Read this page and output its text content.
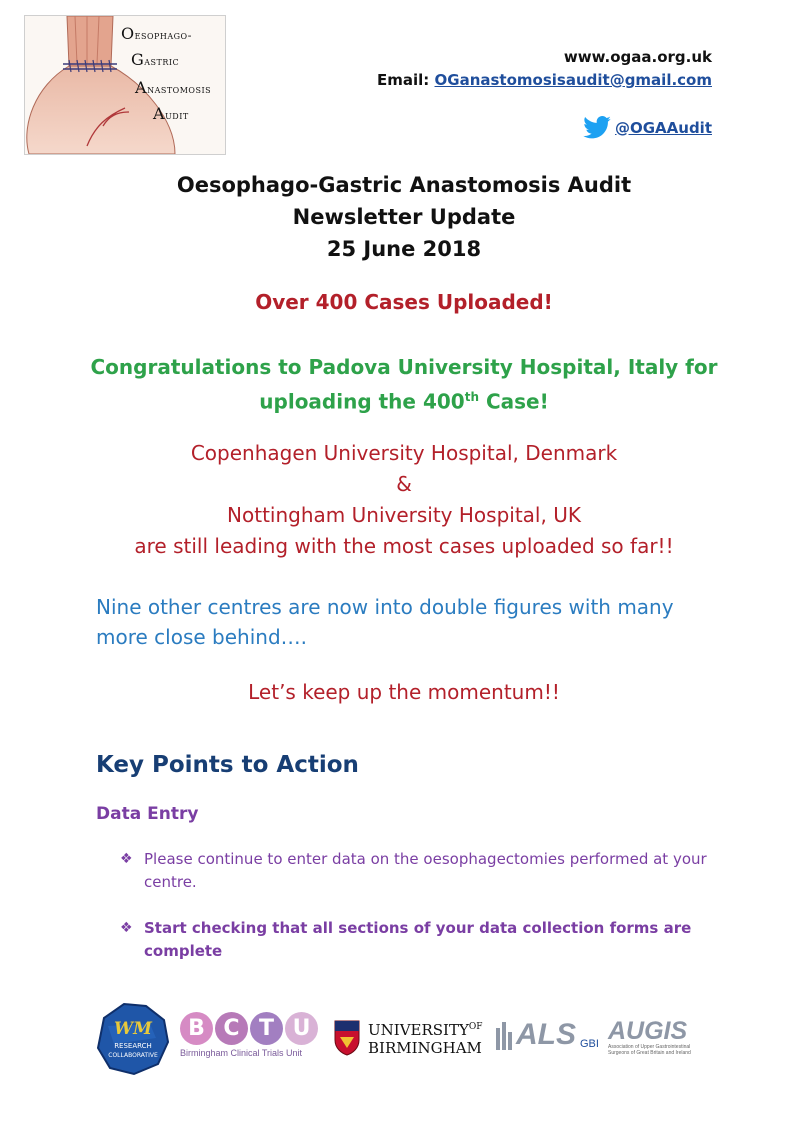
Oesophago-
Gastric
Anastomosis
Audit
www.ogaa.org.uk
Email: OGanastomosisaudit@gmail.com
@OGAAudit
Oesophago-Gastric Anastomosis Audit
Newsletter Update
25 June 2018
Over 400 Cases Uploaded!
Congratulations to Padova University Hospital, Italy for
uploading the 400th Case!
Copenhagen University Hospital, Denmark
&
Nottingham University Hospital, UK
are still leading with the most cases uploaded so far!!
Nine other centres are now into double figures with many more close behind….
Let’s keep up the momentum!!
Key Points to Action
Data Entry
❖ Please continue to enter data on the oesophagectomies performed at your centre.
❖ Start checking that all sections of your data collection forms are complete
WM
RESEARCH
COLLABORATIVE
B C T U
Birmingham Clinical Trials Unit
$UNIVERSITY^{OF}$
BIRMINGHAM ALS GBI AUGIS
Association of Upper Gastrointestinal Surgeons of Great Britain and Ireland
